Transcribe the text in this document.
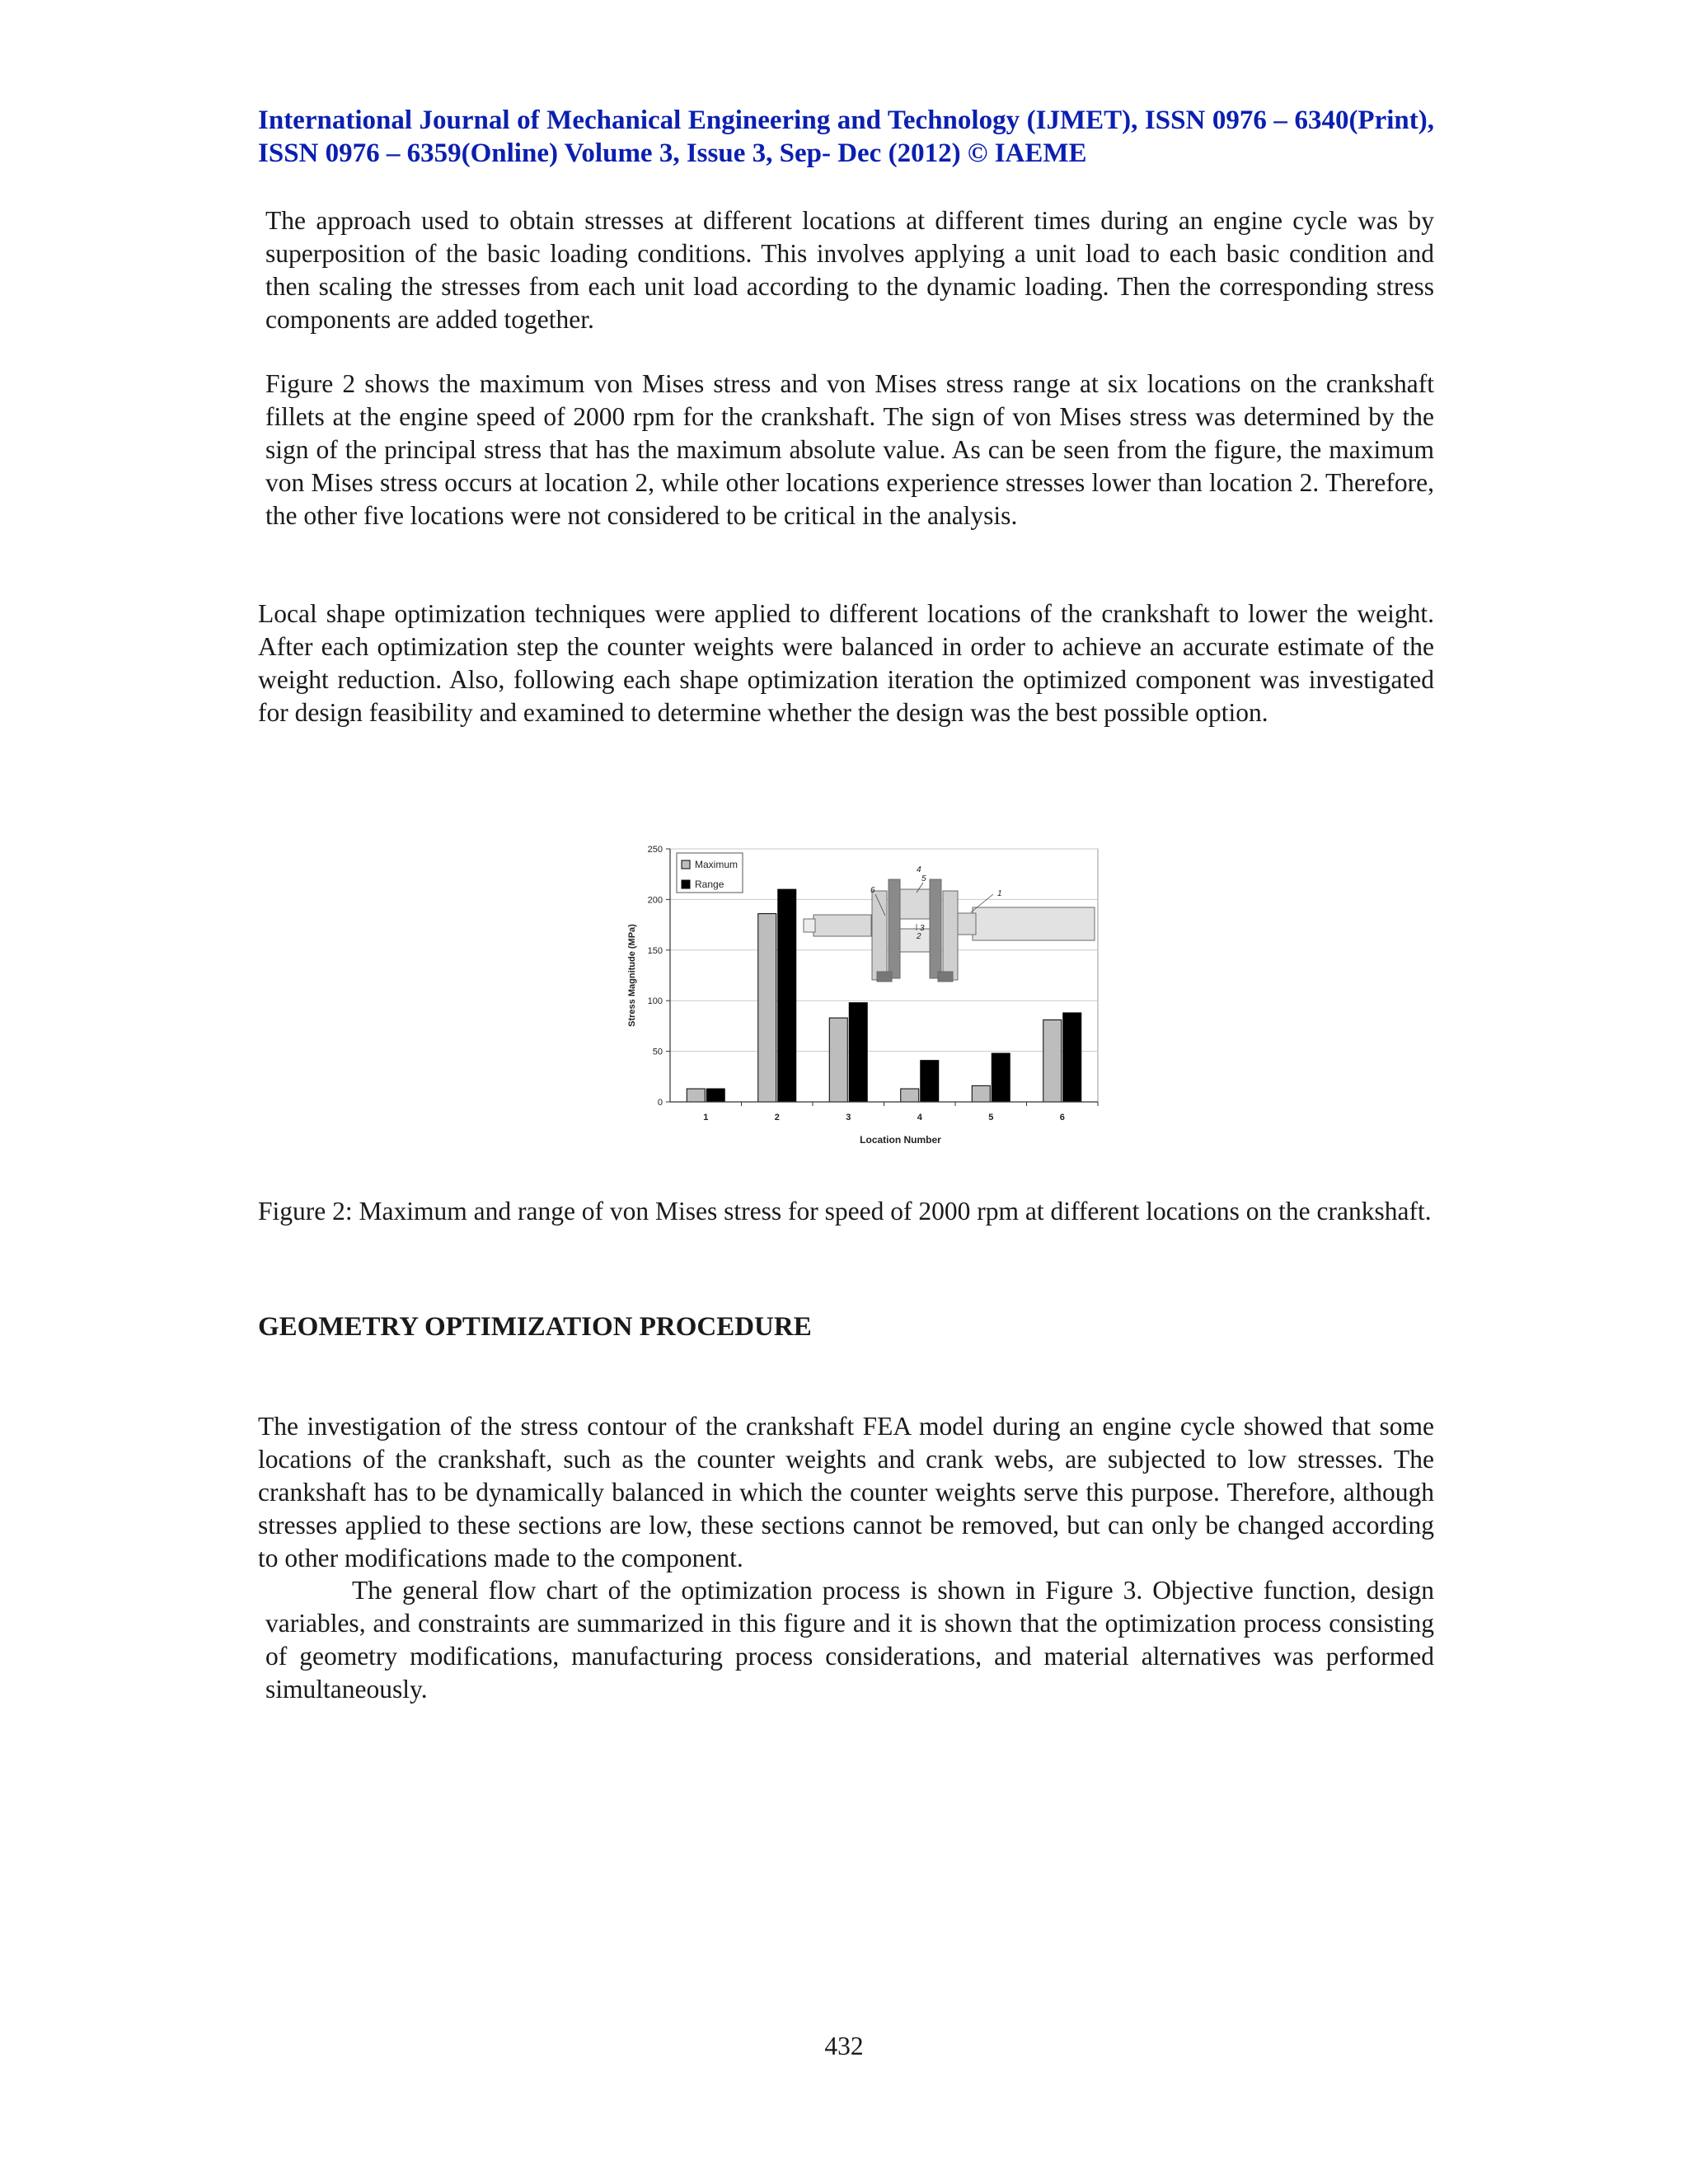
International Journal of Mechanical Engineering and Technology (IJMET), ISSN 0976 – 6340(Print), ISSN 0976 – 6359(Online) Volume 3, Issue 3, Sep- Dec (2012) © IAEME
The approach used to obtain stresses at different locations at different times during an engine cycle was by superposition of the basic loading conditions. This involves applying a unit load to each basic condition and then scaling the stresses from each unit load according to the dynamic loading. Then the corresponding stress components are added together.
Figure 2 shows the maximum von Mises stress and von Mises stress range at six locations on the crankshaft fillets at the engine speed of 2000 rpm for the crankshaft. The sign of von Mises stress was determined by the sign of the principal stress that has the maximum absolute value. As can be seen from the figure, the maximum von Mises stress occurs at location 2, while other locations experience stresses lower than location 2. Therefore, the other five locations were not considered to be critical in the analysis.
Local shape optimization techniques were applied to different locations of the crankshaft to lower the weight. After each optimization step the counter weights were balanced in order to achieve an accurate estimate of the weight reduction. Also, following each shape optimization iteration the optimized component was investigated for design feasibility and examined to determine whether the design was the best possible option.
0
50
100
150
200
250
1	2	3	4	5	6
Location Number
Stress Magnitude (MPa)
1
2
3
4
5
6
Maximum
Range
Figure 2: Maximum and range of von Mises stress for speed of 2000 rpm at different locations on the crankshaft.
GEOMETRY OPTIMIZATION PROCEDURE
The investigation of the stress contour of the crankshaft FEA model during an engine cycle showed that some locations of the crankshaft, such as the counter weights and crank webs, are subjected to low stresses. The crankshaft has to be dynamically balanced in which the counter weights serve this purpose. Therefore, although stresses applied to these sections are low, these sections cannot be removed, but can only be changed according to other modifications made to the component.
The general flow chart of the optimization process is shown in Figure 3. Objective function, design variables, and constraints are summarized in this figure and it is shown that the optimization process consisting of geometry modifications, manufacturing process considerations, and material alternatives was performed simultaneously.
432
